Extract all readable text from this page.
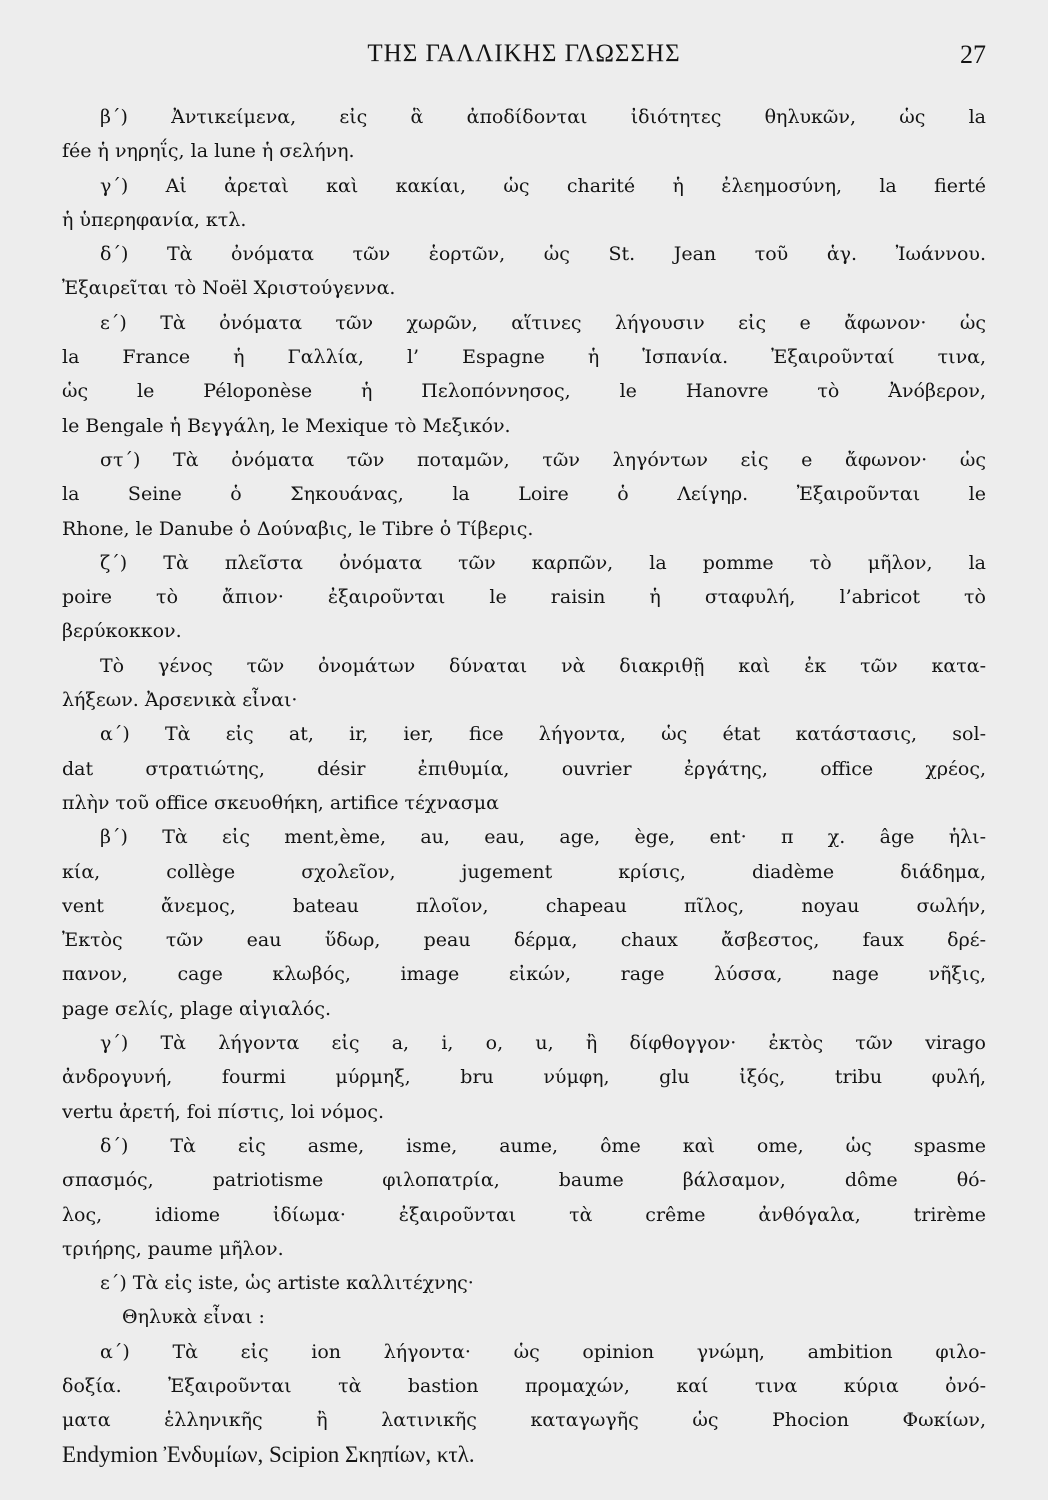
ΤΗΣ ΓΑΛΛΙΚΗΣ ΓΛΩΣΣΗΣ	27
β΄) Ἀντικείμενα, εἰς ἃ ἀποδίδονται ἰδιότητες θηλυκῶν, ὡς la
fée ἡ νηρηΐς, la lune ἡ σελήνη.
γ΄) Αἱ ἀρεταὶ καὶ κακίαι, ὡς charité ἡ ἐλεημοσύνη, la fierté
ἡ ὑπερηφανία, κτλ.
δ΄) Τὰ ὀνόματα τῶν ἑορτῶν, ὡς St. Jean τοῦ ἁγ. Ἰωάννου.
Ἐξαιρεῖται τὸ Noël Χριστούγεννα.
ε΄) Τὰ ὀνόματα τῶν χωρῶν, αἵτινες λήγουσιν εἰς e ἄφωνον· ὡς
la France ἡ Γαλλία, l’ Espagne ἡ Ἱσπανία. Ἐξαιροῦνταί τινα,
ὡς le Péloponèse ἡ Πελοπόννησος, le Hanovre τὸ Ἀνόβερον,
le Bengale ἡ Βεγγάλη, le Mexique τὸ Μεξικόν.
στ΄) Τὰ ὀνόματα τῶν ποταμῶν, τῶν ληγόντων εἰς e ἄφωνον· ὡς
la Seine ὁ Σηκουάνας, la Loire ὁ Λείγηρ. Ἐξαιροῦνται le
Rhone, le Danube ὁ Δούναβις, le Tibre ὁ Τίβερις.
ζ΄) Τὰ πλεῖστα ὀνόματα τῶν καρπῶν, la pomme τὸ μῆλον, la
poire τὸ ἄπιον· ἐξαιροῦνται le raisin ἡ σταφυλή, l’abricot τὸ
βερύκοκκον.
Τὸ γένος τῶν ὀνομάτων δύναται νὰ διακριθῇ καὶ ἐκ τῶν κατα-
λήξεων. Ἀρσενικὰ εἶναι·
α΄) Τὰ εἰς at, ir, ier, fice λήγοντα, ὡς état κατάστασις, sol-
dat στρατιώτης, désir ἐπιθυμία, ouvrier ἐργάτης, office χρέος,
πλὴν τοῦ office σκευοθήκη, artifice τέχνασμα
β΄) Τὰ εἰς ment,ème, au, eau, age, ège, ent· π χ. âge ἡλι-
κία, collège σχολεῖον, jugement κρίσις, diadème διάδημα,
vent ἄνεμος, bateau πλοῖον, chapeau πῖλος, noyau σωλήν,
Ἐκτὸς τῶν eau ὕδωρ, peau δέρμα, chaux ἄσβεστος, faux δρέ-
πανον, cage κλωβός, image εἰκών, rage λύσσα, nage νῆξις,
page σελίς, plage αἰγιαλός.
γ΄) Τὰ λήγοντα εἰς a, i, o, u, ἢ δίφθογγον· ἐκτὸς τῶν virago
ἀνδρογυνή, fourmi μύρμηξ, bru νύμφη, glu ἰξός, tribu φυλή,
vertu ἀρετή, foi πίστις, loi νόμος.
δ΄) Τὰ εἰς asme, isme, aume, ôme καὶ ome, ὡς spasme
σπασμός, patriotisme φιλοπατρία, baume βάλσαμον, dôme θό-
λος, idiome ἰδίωμα· ἐξαιροῦνται τὰ crême ἀνθόγαλα, trirème
τριήρης, paume μῆλον.
ε΄) Τὰ εἰς iste, ὡς artiste καλλιτέχνης·
Θηλυκὰ εἶναι :
α΄) Τὰ εἰς ion λήγοντα· ὡς opinion γνώμη, ambition φιλο-
δοξία. Ἐξαιροῦνται τὰ bastion προμαχών, καί τινα κύρια ὀνό-
ματα ἑλληνικῆς ἢ λατινικῆς καταγωγῆς ὡς Phocion Φωκίων,
Endymion Ἐνδυμίων, Scipion Σκηπίων, κτλ.
